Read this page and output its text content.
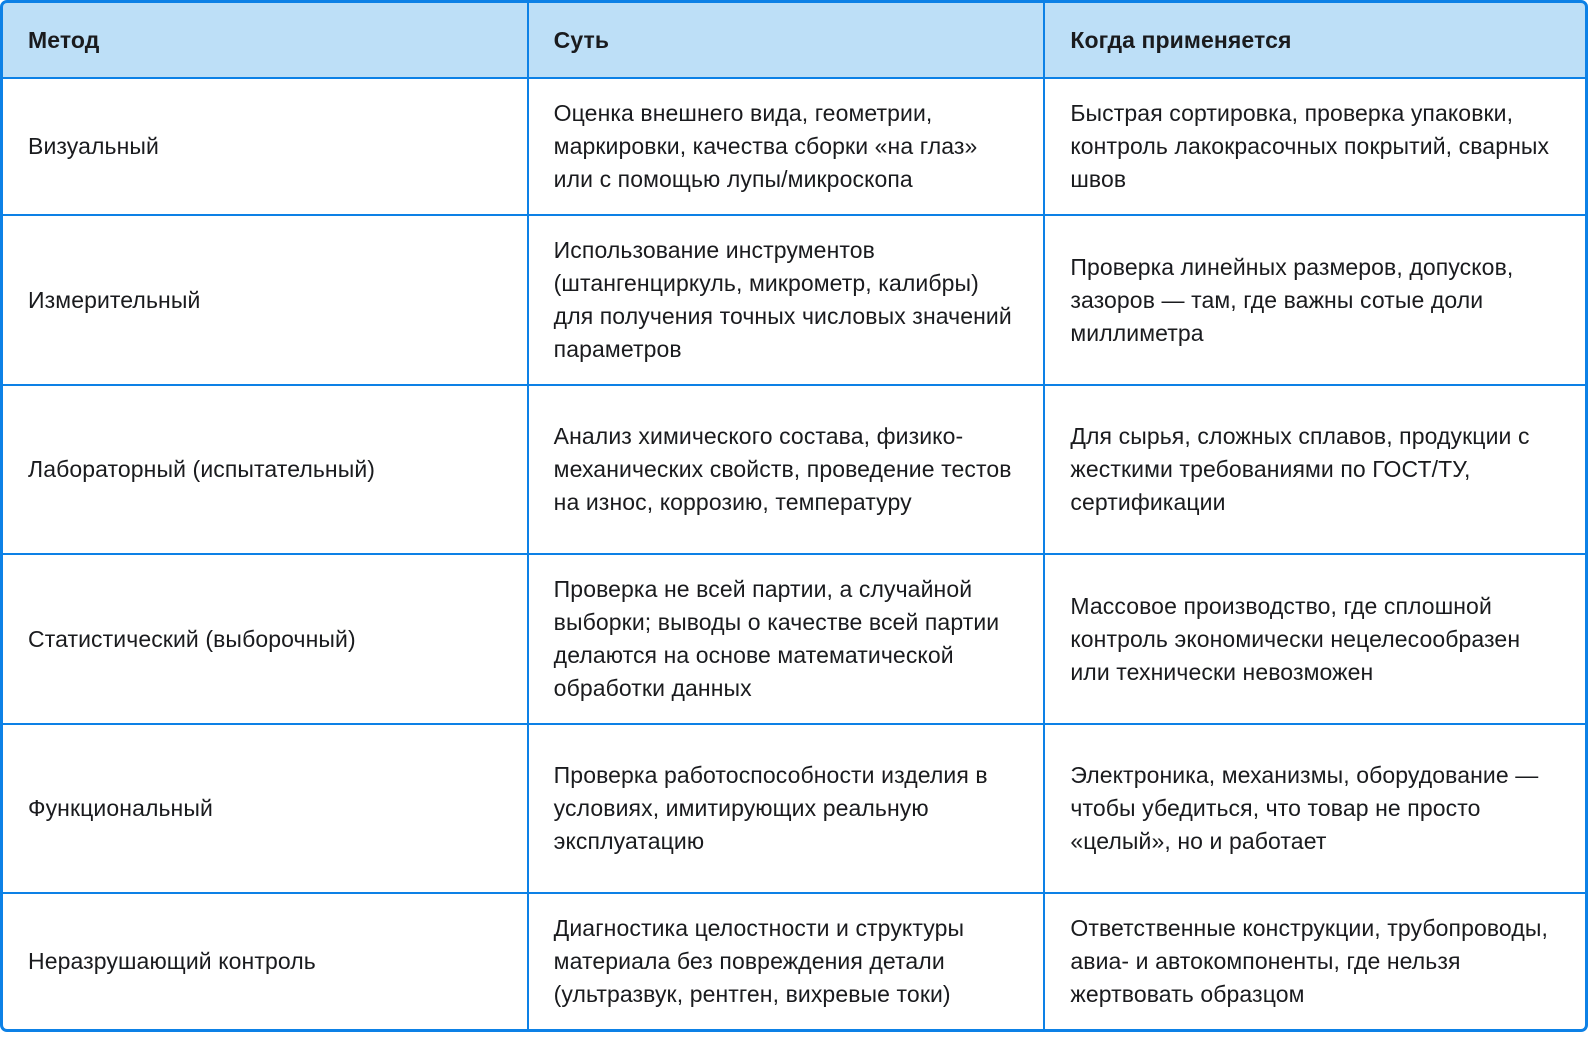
Метод	Суть	Когда применяется
Визуальный
Оценка внешнего вида, геометрии, маркировки, качества сборки «на глаз» или с помощью лупы/микроскопа
Быстрая сортировка, проверка упаковки, контроль лакокрасочных покрытий, сварных швов
Измерительный
Использование инструментов (штангенциркуль, микрометр, калибры) для получения точных числовых значений параметров
Проверка линейных размеров, допусков, зазоров — там, где важны сотые доли миллиметра
Лабораторный (испытательный)
Анализ химического состава, физико-механических свойств, проведение тестов на износ, коррозию, температуру
Для сырья, сложных сплавов, продукции с жесткими требованиями по ГОСТ/ТУ, сертификации
Статистический (выборочный)
Проверка не всей партии, а случайной выборки; выводы о качестве всей партии делаются на основе математической обработки данных
Массовое производство, где сплошной контроль экономически нецелесообразен или технически невозможен
Функциональный
Проверка работоспособности изделия в условиях, имитирующих реальную эксплуатацию
Электроника, механизмы, оборудование — чтобы убедиться, что товар не просто «целый», но и работает
Неразрушающий контроль
Диагностика целостности и структуры материала без повреждения детали (ультразвук, рентген, вихревые токи)
Ответственные конструкции, трубопроводы, авиа- и автокомпоненты, где нельзя жертвовать образцом
